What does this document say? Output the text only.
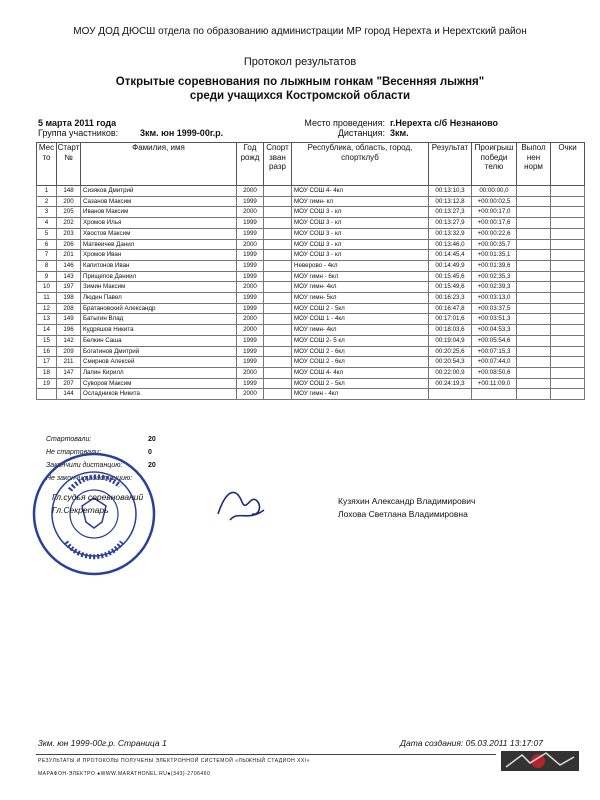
МОУ ДОД ДЮСШ отдела по образованию администрации МР город Нерехта и Нерехтский район
Протокол результатов
Открытые соревнования по лыжным гонкам "Весенняя лыжня"
среди учащихся Костромской области
5 марта 2011 года
Группа участников: 3км. юн 1999-00г.р.
Место проведения: г.Нерехта с/б Незнаново
Дистанция: 3км.
Мес то	Старт №	Фамилия, имя	Год рожд	Спорт зван разр	Республика, область, город, спортклуб	Результат	Проигрыш победи телю	Выпол нен норм	Очки
1	148	Сизяков Дмитрий	2000		МОУ СОШ 4- 4кл	00:13:10,3	00:00:00,0		
2	200	Сазанов Максим	1999		МОУ гимн- кл	00:13:12,8	+00:00:02,5		
3	205	Иванов Максим	2000		МОУ СОШ 3 - кл	00:13:27,3	+00:00:17,0		
4	202	Хромов Илья	1999		МОУ СОШ 3 - кл	00:13:27,9	+00:00:17,6		
5	203	Хвостов Максим	1999		МОУ СОШ 3 - кл	00:13:32,9	+00:00:22,6		
6	206	Матвеичев Данил	2000		МОУ СОШ 3 - кл	00:13:46,0	+00:00:35,7		
7	201	Хромов Иван	1999		МОУ СОШ 3 - кл	00:14:45,4	+00:01:35,1		
8	146	Капитонов Иван	1999		Неверово - 4кл	00:14:49,9	+00:01:39,6		
9	143	Прищепов Даниил	1999		МОУ гимн - 6кл	00:15:45,6	+00:02:35,3		
10	197	Зимин Максим	2000		МОУ гимн- 4кл	00:15:49,6	+00:02:39,3		
11	198	Людин Павел	1999		МОУ гимн- 5кл	00:16:23,3	+00:03:13,0		
12	208	Братановский Александр	1999		МОУ СОШ 2 - 5кл	00:16:47,8	+00:03:37,5		
13	149	Батыгин Влад	2000		МОУ СОШ 1 - 4кл	00:17:01,6	+00:03:51,3		
14	196	Кудряшов Никита	2000		МОУ гимн- 4кл	00:18:03,6	+00:04:53,3		
15	142	Белкин Саша	1999		МОУ СОШ 2- 5 кл	00:19:04,9	+00:05:54,6		
16	209	Богатинов Дмитрий	1999		МОУ СОШ 2 - 6кл	00:20:25,6	+00:07:15,3		
17	211	Смирнов Алексей	1999		МОУ СОШ 2 - 6кл	00:20:54,3	+00:07:44,0		
18	147	Лапин Кирилл	2000		МОУ СОШ 4- 4кл	00:22:00,9	+00:08:50,6		
19	207	Суворов Максим	1999		МОУ СОШ 2 - 5кл	00:24:19,3	+00:11:09,0		
	144	Осладников Никита	2000		МОУ гимн - 4кл				
Стартовали:	20
Не стартовали:	0
Закончили дистанцию:	20
Не закончили дистанцию:
Гл.судья соревнований
Гл.Секретарь
Кузяхин Александр Владимирович
Лохова Светлана Владимировна
3км. юн 1999-00г.р. Страница 1	Дата создания: 05.03.2011 13:17:07
РЕЗУЛЬТАТЫ И ПРОТОКОЛЫ ПОЛУЧЕНЫ ЭЛЕКТРОННОЙ СИСТЕМОЙ «ЛЫЖНЫЙ СТАДИОН XXI»
МАРАФОН-ЭЛЕКТРО ●WWW.MARATHONEL.RU●(343)-2706460
